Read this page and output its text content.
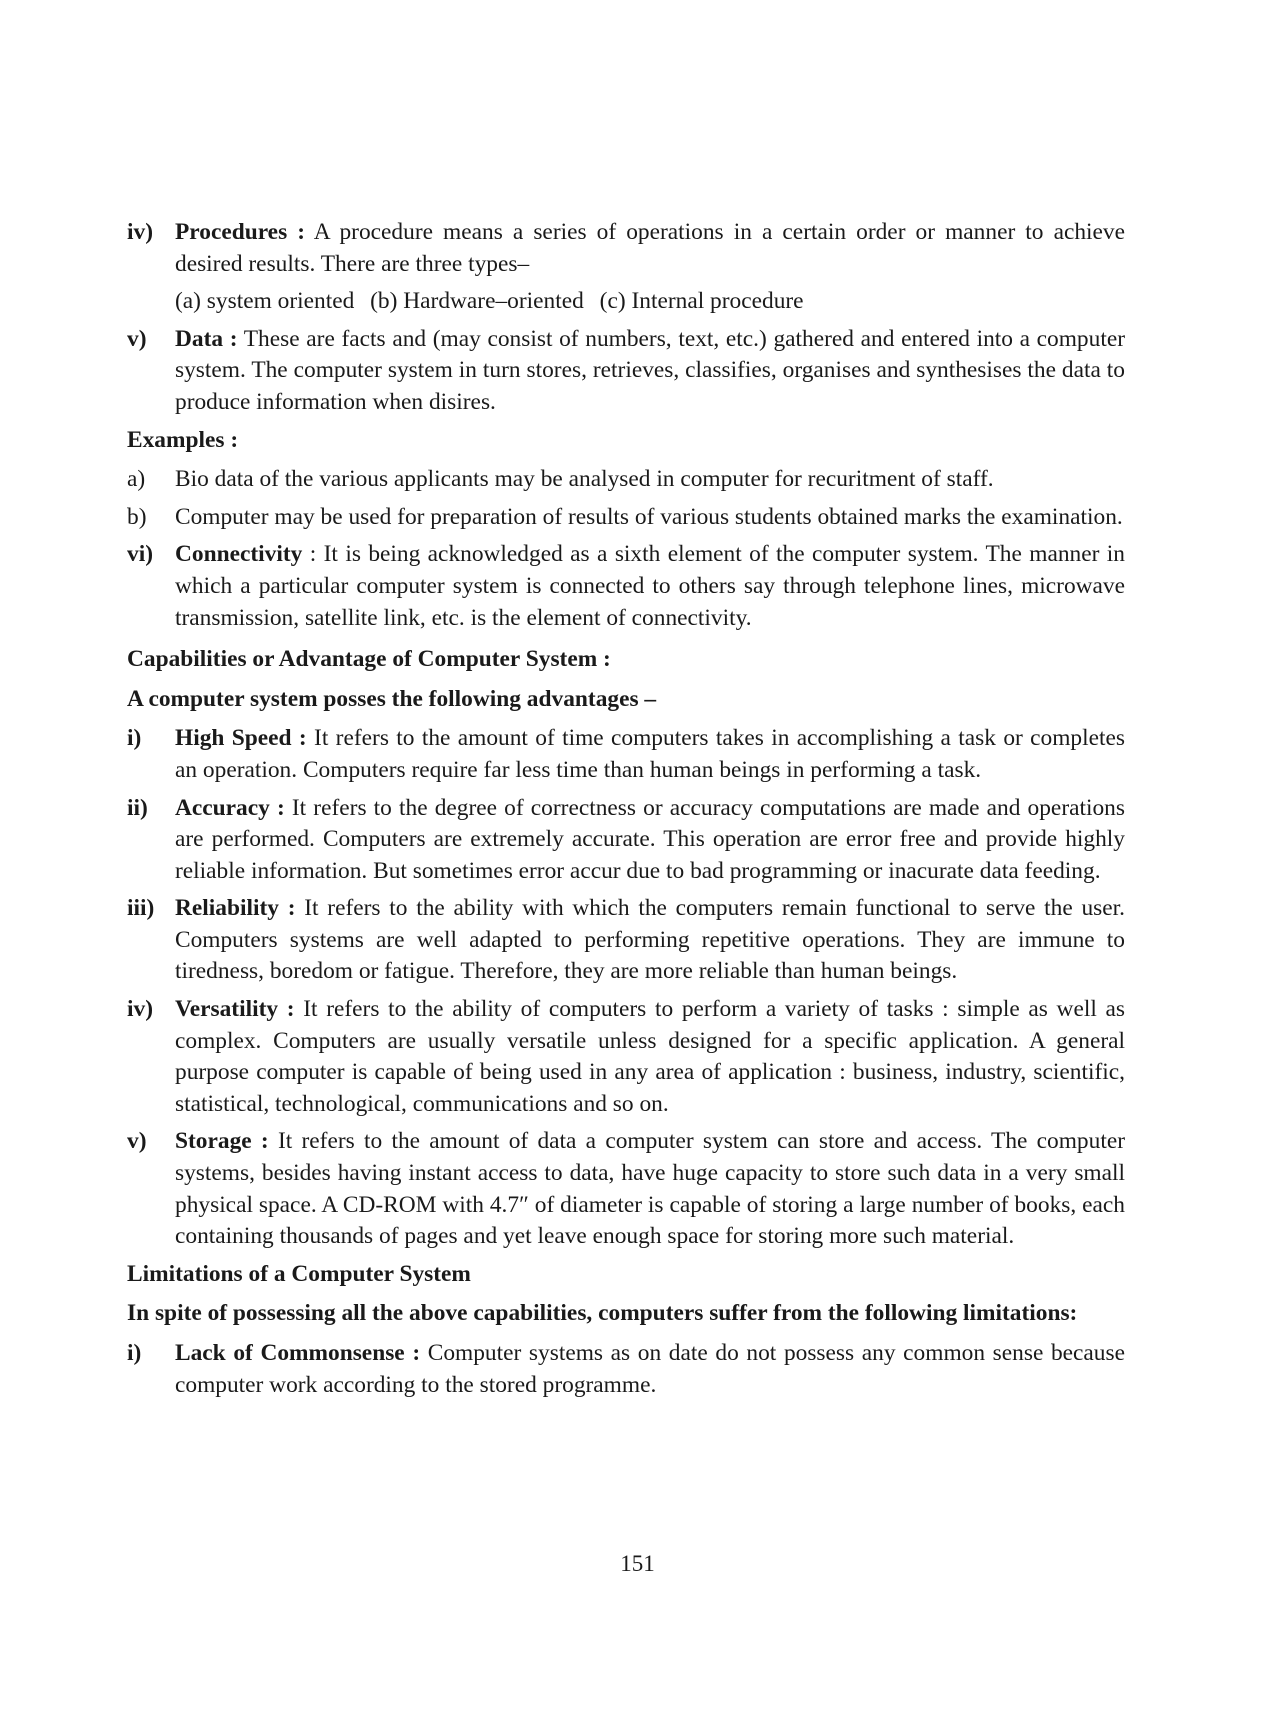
iv) Procedures : A procedure means a series of operations in a certain order or manner to achieve desired results. There are three types–
(a) system oriented (b) Hardware–oriented (c) Internal procedure
v)	Data : These are facts and (may consist of numbers, text, etc.) gathered and entered into a computer system. The computer system in turn stores, retrieves, classifies, organises and synthesises the data to produce information when disires.
Examples :
a)	Bio data of the various applicants may be analysed in computer for recuritment of staff.
b)	Computer may be used for preparation of results of various students obtained marks the examination.
vi) Connectivity : It is being acknowledged as a sixth element of the computer system. The manner in which a particular computer system is connected to others say through telephone lines, microwave transmission, satellite link, etc. is the element of connectivity.
Capabilities or Advantage of Computer System :
A computer system posses the following advantages –
i)	High Speed : It refers to the amount of time computers takes in accomplishing a task or completes an operation. Computers require far less time than human beings in performing a task.
ii)	Accuracy : It refers to the degree of correctness or accuracy computations are made and operations are performed. Computers are extremely accurate. This operation are error free and provide highly reliable information. But sometimes error accur due to bad programming or inacurate data feeding.
iii) Reliability : It refers to the ability with which the computers remain functional to serve the user. Computers systems are well adapted to performing repetitive operations. They are immune to tiredness, boredom or fatigue. Therefore, they are more reliable than human beings.
iv) Versatility : It refers to the ability of computers to perform a variety of tasks : simple as well as complex. Computers are usually versatile unless designed for a specific application. A general purpose computer is capable of being used in any area of application : business, industry, scientific, statistical, technological, communications and so on.
v)	Storage : It refers to the amount of data a computer system can store and access. The computer systems, besides having instant access to data, have huge capacity to store such data in a very small physical space. A CD-ROM with 4.7″ of diameter is capable of storing a large number of books, each containing thousands of pages and yet leave enough space for storing more such material.
Limitations of a Computer System
In spite of possessing all the above capabilities, computers suffer from the following limitations:
i)	Lack of Commonsense : Computer systems as on date do not possess any common sense because computer work according to the stored programme.
151
